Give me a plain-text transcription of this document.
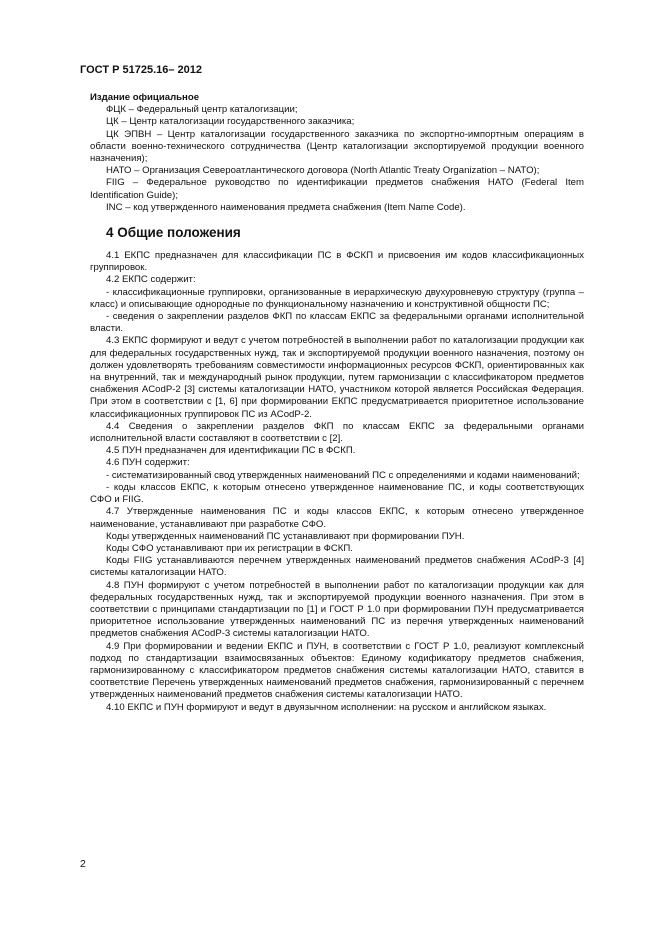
ГОСТ Р 51725.16– 2012

Издание официальное

ФЦК – Федеральный центр каталогизации;

ЦК – Центр каталогизации государственного заказчика;

ЦК ЭПВН – Центр каталогизации государственного заказчика по экспортно-импортным операциям в области военно-технического сотрудничества (Центр каталогизации экспортируемой продукции военного назначения);

НАТО – Организация Североатлантического договора (North Atlantic Treaty Organization – NATO);

FIIG – Федеральное руководство по идентификации предметов снабжения НАТО (Federal Item Identification Guide);

INC – код утвержденного наименования предмета снабжения (Item Name Code).

4 Общие положения

4.1 ЕКПС предназначен для классификации ПС в ФСКП и присвоения им кодов классификационных группировок.

4.2 ЕКПС содержит:

- классификационные группировки, организованные в иерархическую двухуровневую структуру (группа – класс) и описывающие однородные по функциональному назначению и конструктивной общности ПС;

- сведения о закреплении разделов ФКП по классам ЕКПС за федеральными органами исполнительной власти.

4.3 ЕКПС формируют и ведут с учетом потребностей в выполнении работ по каталогизации продукции как для федеральных государственных нужд, так и экспортируемой продукции военного назначения, поэтому он должен удовлетворять требованиям совместимости информационных ресурсов ФСКП, ориентированных как на внутренний, так и международный рынок продукции, путем гармонизации с классификатором предметов снабжения ACodP-2 [3] системы каталогизации НАТО, участником которой является Российская Федерация. При этом в соответствии с [1, 6] при формировании ЕКПС предусматривается приоритетное использование классификационных группировок ПС из ACodP-2.

4.4 Сведения о закреплении разделов ФКП по классам ЕКПС за федеральными органами исполнительной власти составляют в соответствии с [2].

4.5 ПУН предназначен для идентификации ПС в ФСКП.

4.6 ПУН содержит:

- систематизированный свод утвержденных наименований ПС с определениями и кодами наименований;

- коды классов ЕКПС, к которым отнесено утвержденное наименование ПС, и коды соответствующих СФО и FIIG.

4.7 Утвержденные наименования ПС и коды классов ЕКПС, к которым отнесено утвержденное наименование, устанавливают при разработке СФО.

Коды утвержденных наименований ПС устанавливают при формировании ПУН.

Коды СФО устанавливают при их регистрации в ФСКП.

Коды FIIG устанавливаются перечнем утвержденных наименований предметов снабжения ACodP-3 [4] системы каталогизации НАТО.

4.8 ПУН формируют с учетом потребностей в выполнении работ по каталогизации продукции как для федеральных государственных нужд, так и экспортируемой продукции военного назначения. При этом в соответствии с принципами стандартизации по [1] и ГОСТ Р 1.0 при формировании ПУН предусматривается приоритетное использование утвержденных наименований ПС из перечня утвержденных наименований предметов снабжения ACodP-3 системы каталогизации НАТО.

4.9 При формировании и ведении ЕКПС и ПУН, в соответствии с ГОСТ Р 1.0, реализуют комплексный подход по стандартизации взаимосвязанных объектов: Единому кодификатору предметов снабжения, гармонизированному с классификатором предметов снабжения системы каталогизации НАТО, ставится в соответствие Перечень утвержденных наименований предметов снабжения, гармонизированный с перечнем утвержденных наименований предметов снабжения системы каталогизации НАТО.

4.10 ЕКПС и ПУН формируют и ведут в двуязычном исполнении: на русском и английском языках.

2
